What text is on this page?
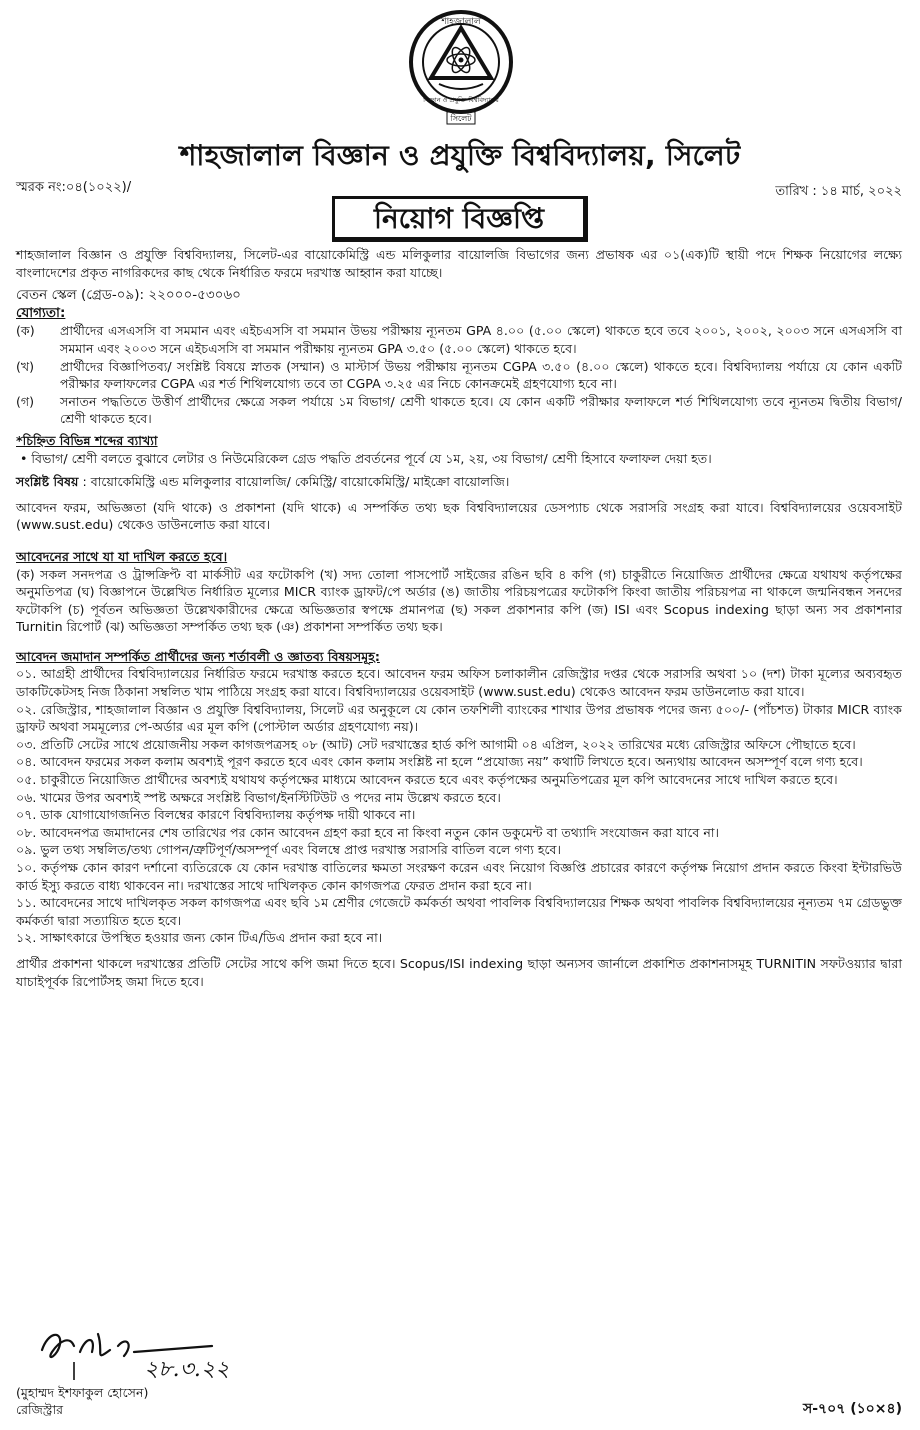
শাহজালাল
বিজ্ঞান ও প্রযুক্তি বিশ্ববিদ্যালয়
সিলেট
শাহজালাল বিজ্ঞান ও প্রযুক্তি বিশ্ববিদ্যালয়, সিলেট
স্মরক নং:০৪(১০২২)/	তারিখ : ১৪ মার্চ, ২০২২
নিয়োগ বিজ্ঞপ্তি

শাহজালাল বিজ্ঞান ও প্রযুক্তি বিশ্ববিদ্যালয়, সিলেট-এর বায়োকেমিস্ট্রি এন্ড মলিকুলার বায়োলজি বিভাগের জন্য প্রভাষক এর ০১(এক)টি স্থায়ী পদে শিক্ষক নিয়োগের লক্ষ্যে বাংলাদেশের প্রকৃত নাগরিকদের কাছ থেকে নির্ধারিত ফরমে দরখাস্ত আহ্বান করা যাচ্ছে।

বেতন স্কেল (গ্রেড-০৯): ২২০০০-৫৩০৬০

যোগ্যতা:

(ক)	প্রার্থীদের এসএসসি বা সমমান এবং এইচএসসি বা সমমান উভয় পরীক্ষায় ন্যূনতম GPA ৪.০০ (৫.০০ স্কেলে) থাকতে হবে তবে ২০০১, ২০০২, ২০০৩ সনে এসএসসি বা সমমান এবং ২০০৩ সনে এইচএসসি বা সমমান পরীক্ষায় ন্যূনতম GPA ৩.৫০ (৫.০০ স্কেলে) থাকতে হবে।
(খ)	প্রার্থীদের বিজ্ঞাপিতব্য/ সংশ্লিষ্ট বিষয়ে স্নাতক (সম্মান) ও মাস্টার্স উভয় পরীক্ষায় ন্যূনতম CGPA ৩.৫০ (৪.০০ স্কেলে) থাকতে হবে। বিশ্ববিদ্যালয় পর্যায়ে যে কোন একটি পরীক্ষার ফলাফলের CGPA এর শর্ত শিথিলযোগ্য তবে তা CGPA ৩.২৫ এর নিচে কোনক্রমেই গ্রহণযোগ্য হবে না।
(গ)	সনাতন পদ্ধতিতে উত্তীর্ণ প্রার্থীদের ক্ষেত্রে সকল পর্যায়ে ১ম বিভাগ/ শ্রেণী থাকতে হবে। যে কোন একটি পরীক্ষার ফলাফলে শর্ত শিথিলযোগ্য তবে ন্যূনতম দ্বিতীয় বিভাগ/ শ্রেণী থাকতে হবে।

*চিহ্নিত বিভিন্ন শব্দের ব্যাখ্যা

• বিভাগ/ শ্রেণী বলতে বুঝাবে লেটার ও নিউমেরিকেল গ্রেড পদ্ধতি প্রবর্তনের পূর্বে যে ১ম, ২য়, ৩য় বিভাগ/ শ্রেণী হিসাবে ফলাফল দেয়া হত।

সংশ্লিষ্ট বিষয় : বায়োকেমিস্ট্রি এন্ড মলিকুলার বায়োলজি/ কেমিস্ট্রি/ বায়োকেমিস্ট্রি/ মাইক্রো বায়োলজি।

আবেদন ফরম, অভিজ্ঞতা (যদি থাকে) ও প্রকাশনা (যদি থাকে) এ সম্পর্কিত তথ্য ছক বিশ্ববিদ্যালয়ের ডেসপ্যাচ থেকে সরাসরি সংগ্রহ করা যাবে। বিশ্ববিদ্যালয়ের ওয়েবসাইট (www.sust.edu) থেকেও ডাউনলোড করা যাবে।

আবেদনের সাথে যা যা দাখিল করতে হবে।

(ক) সকল সনদপত্র ও ট্রান্সক্রিপ্ট বা মার্কসীট এর ফটোকপি (খ) সদ্য তোলা পাসপোর্ট সাইজের রঙিন ছবি ৪ কপি (গ) চাকুরীতে নিয়োজিত প্রার্থীদের ক্ষেত্রে যথাযথ কর্তৃপক্ষের অনুমতিপত্র (ঘ) বিজ্ঞাপনে উল্লেখিত নির্ধারিত মূল্যের MICR ব্যাংক ড্রাফট/পে অর্ডার (ঙ) জাতীয় পরিচয়পত্রের ফটোকপি কিংবা জাতীয় পরিচয়পত্র না থাকলে জন্মনিবন্ধন সনদের ফটোকপি (চ) পূর্বতন অভিজ্ঞতা উল্লেখকারীদের ক্ষেত্রে অভিজ্ঞতার স্বপক্ষে প্রমানপত্র (ছ) সকল প্রকাশনার কপি (জ) ISI এবং Scopus indexing ছাড়া অন্য সব প্রকাশনার Turnitin রিপোর্ট (ঝ) অভিজ্ঞতা সম্পর্কিত তথ্য ছক (ঞ) প্রকাশনা সম্পর্কিত তথ্য ছক।

আবেদন জমাদান সম্পর্কিত প্রার্থীদের জন্য শর্তাবলী ও জ্ঞাতব্য বিষয়সমূহ:

০১. আগ্রহী প্রার্থীদের বিশ্ববিদ্যালয়ের নির্ধারিত ফরমে দরখাস্ত করতে হবে। আবেদন ফরম অফিস চলাকালীন রেজিস্ট্রার দপ্তর থেকে সরাসরি অথবা ১০ (দশ) টাকা মূল্যের অব্যবহৃত ডাকটিকেটসহ নিজ ঠিকানা সম্বলিত খাম পাঠিয়ে সংগ্রহ করা যাবে। বিশ্ববিদ্যালয়ের ওয়েবসাইট (www.sust.edu) থেকেও আবেদন ফরম ডাউনলোড করা যাবে।

০২. রেজিস্ট্রার, শাহজালাল বিজ্ঞান ও প্রযুক্তি বিশ্ববিদ্যালয়, সিলেট এর অনুকূলে যে কোন তফশিলী ব্যাংকের শাখার উপর প্রভাষক পদের জন্য ৫০০/- (পাঁচশত) টাকার MICR ব্যাংক ড্রাফট অথবা সমমূল্যের পে-অর্ডার এর মূল কপি (পোস্টাল অর্ডার গ্রহণযোগ্য নয়)।

০৩. প্রতিটি সেটের সাথে প্রয়োজনীয় সকল কাগজপত্রসহ ০৮ (আট) সেট দরখাস্তের হার্ড কপি আগামী ০৪ এপ্রিল, ২০২২ তারিখের মধ্যে রেজিস্ট্রার অফিসে পৌছাতে হবে।

০৪. আবেদন ফরমের সকল কলাম অবশ্যই পূরণ করতে হবে এবং কোন কলাম সংশ্লিষ্ট না হলে “প্রযোজ্য নয়” কথাটি লিখতে হবে। অন্যথায় আবেদন অসম্পূর্ণ বলে গণ্য হবে।

০৫. চাকুরীতে নিয়োজিত প্রার্থীদের অবশ্যই যথাযথ কর্তৃপক্ষের মাধ্যমে আবেদন করতে হবে এবং কর্তৃপক্ষের অনুমতিপত্রের মূল কপি আবেদনের সাথে দাখিল করতে হবে।

০৬. খামের উপর অবশ্যই স্পষ্ট অক্ষরে সংশ্লিষ্ট বিভাগ/ইনস্টিটিউট ও পদের নাম উল্লেখ করতে হবে।

০৭. ডাক যোগাযোগজনিত বিলম্বের কারণে বিশ্ববিদ্যালয় কর্তৃপক্ষ দায়ী থাকবে না।

০৮. আবেদনপত্র জমাদানের শেষ তারিখের পর কোন আবেদন গ্রহণ করা হবে না কিংবা নতুন কোন ডকুমেন্ট বা তথ্যাদি সংযোজন করা যাবে না।

০৯. ভুল তথ্য সম্বলিত/তথ্য গোপন/ত্রুটিপূর্ণ/অসম্পূর্ণ এবং বিলম্বে প্রাপ্ত দরখাস্ত সরাসরি বাতিল বলে গণ্য হবে।

১০. কর্তৃপক্ষ কোন কারণ দর্শানো ব্যতিরেকে যে কোন দরখাস্ত বাতিলের ক্ষমতা সংরক্ষণ করেন এবং নিয়োগ বিজ্ঞপ্তি প্রচারের কারণে কর্তৃপক্ষ নিয়োগ প্রদান করতে কিংবা ইন্টারভিউ কার্ড ইস্যু করতে বাধ্য থাকবেন না। দরখাস্তের সাথে দাখিলকৃত কোন কাগজপত্র ফেরত প্রদান করা হবে না।

১১. আবেদনের সাথে দাখিলকৃত সকল কাগজপত্র এবং ছবি ১ম শ্রেণীর গেজেটে কর্মকর্তা অথবা পাবলিক বিশ্ববিদ্যালয়ের শিক্ষক অথবা পাবলিক বিশ্ববিদ্যালয়ের নূন্যতম ৭ম গ্রেডভুক্ত কর্মকর্তা দ্বারা সত্যায়িত হতে হবে।

১২. সাক্ষাৎকারে উপস্থিত হওয়ার জন্য কোন টিএ/ডিএ প্রদান করা হবে না।

প্রার্থীর প্রকাশনা থাকলে দরখাস্তের প্রতিটি সেটের সাথে কপি জমা দিতে হবে। Scopus/ISI indexing ছাড়া অন্যসব জার্নালে প্রকাশিত প্রকাশনাসমূহ TURNITIN সফটওয়্যার দ্বারা যাচাইপূর্বক রিপোর্টসহ জমা দিতে হবে।

২৮.৩.২২
(মুহাম্মদ ইশফাকুল হোসেন)
রেজিস্ট্রার	স-৭০৭ (১০×৪)
